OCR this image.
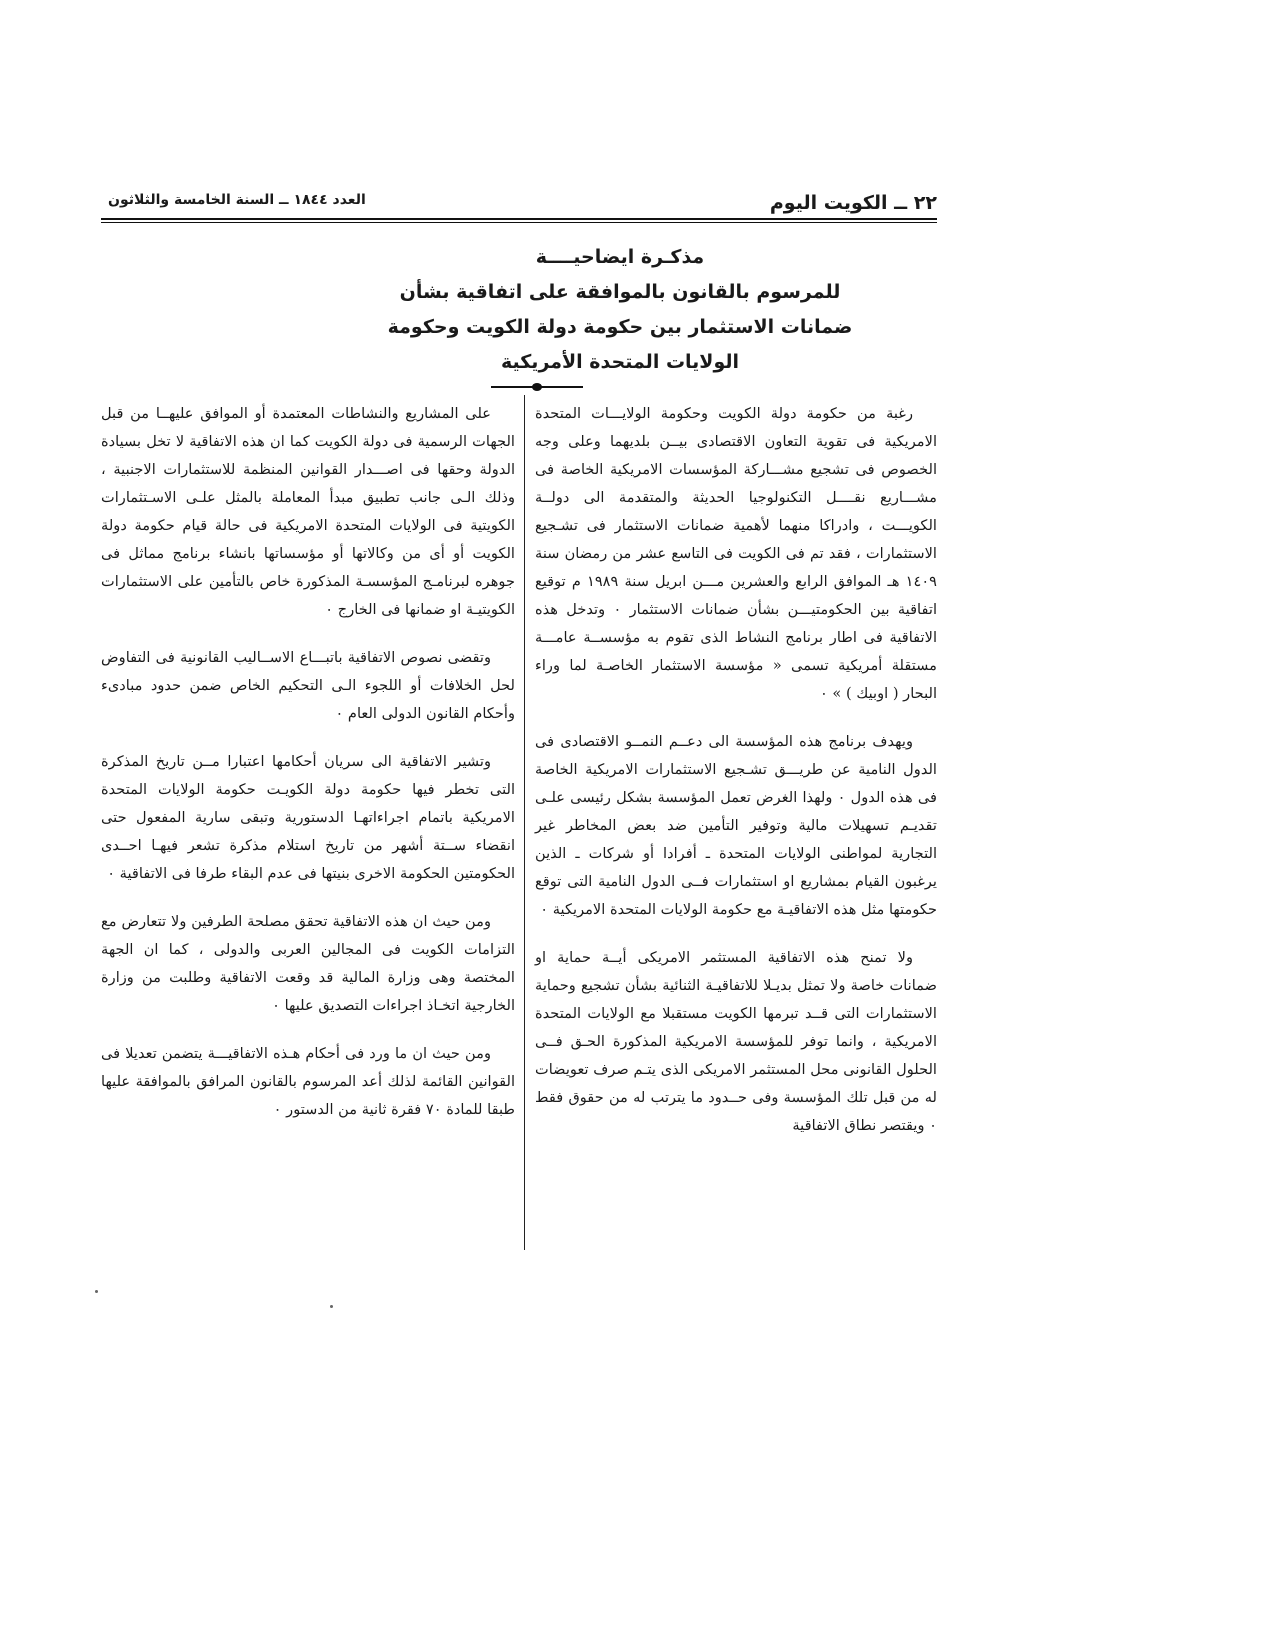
٢٢ ــ الكويت اليوم
العدد ١٨٤٤ ــ السنة الخامسة والثلاثون
مذكـرة ايضاحيــــة
للمرسوم بالقانون بالموافقة على اتفاقية بشأن
ضمانات الاستثمار بين حكومة دولة الكويت وحكومة
الولايات المتحدة الأمريكية

رغبة من حكومة دولة الكويت وحكومة الولايـــات المتحدة الامريكية فى تقوية التعاون الاقتصادى بيــن بلديهما وعلى وجه الخصوص فى تشجيع مشـــاركة المؤسسات الامريكية الخاصة فى مشـــاريع نقــــل التكنولوجيا الحديثة والمتقدمة الى دولــة الكويـــت ، وادراكا منهما لأهمية ضمانات الاستثمار فى تشـجيع الاستثمارات ، فقد تم فى الكويت فى التاسع عشر من رمضان سنة ١٤٠٩ هـ الموافق الرابع والعشرين مـــن ابريل سنة ١٩٨٩ م توقيع اتفاقية بين الحكومتيـــن بشأن ضمانات الاستثمار ٠ وتدخل هذه الاتفاقية فى اطار برنامج النشاط الذى تقوم به مؤسســة عامـــة مستقلة أمريكية تسمى « مؤسسة الاستثمار الخاصـة لما وراء البحار ( اوبيك ) » ٠

ويهدف برنامج هذه المؤسسة الى دعــم النمــو الاقتصادى فى الدول النامية عن طريـــق تشـجيع الاستثمارات الامريكية الخاصة فى هذه الدول ٠ ولهذا الغرض تعمل المؤسسة بشكل رئيسى علـى تقديـم تسهيلات مالية وتوفير التأمين ضد بعض المخاطر غير التجارية لمواطنى الولايات المتحدة ـ أفرادا أو شركات ـ الذين يرغبون القيام بمشاريع او استثمارات فــى الدول النامية التى توقع حكومتها مثل هذه الاتفاقيـة مع حكومة الولايات المتحدة الامريكية ٠

ولا تمنح هذه الاتفاقية المستثمر الامريكى أيــة حماية او ضمانات خاصة ولا تمثل بديـلا للاتفاقيـة الثنائية بشأن تشجيع وحماية الاستثمارات التى قــد تبرمها الكويت مستقبلا مع الولايات المتحدة الامريكية ، وانما توفر للمؤسسة الامريكية المذكورة الحـق فــى الحلول القانونى محل المستثمر الامريكى الذى يتـم صرف تعويضات له من قبل تلك المؤسسة وفى حــدود ما يترتب له من حقوق فقط ٠ ويقتصر نطاق الاتفاقية

على المشاريع والنشاطات المعتمدة أو الموافق عليهــا من قبل الجهات الرسمية فى دولة الكويت كما ان هذه الاتفاقية لا تخل بسيادة الدولة وحقها فى اصـــدار القوانين المنظمة للاستثمارات الاجنبية ، وذلك الـى جانب تطبيق مبدأ المعاملة بالمثل علـى الاسـتثمارات الكويتية فى الولايات المتحدة الامريكية فى حالة قيام حكومة دولة الكويت أو أى من وكالاتها أو مؤسساتها بانشاء برنامج مماثل فى جوهره لبرنامـج المؤسسـة المذكورة خاص بالتأمين على الاستثمارات الكويتيـة او ضمانها فى الخارج ٠

وتقضى نصوص الاتفاقية باتبـــاع الاســاليب القانونية فى التفاوض لحل الخلافات أو اللجوء الـى التحكيم الخاص ضمن حدود مبادىء وأحكام القانون الدولى العام ٠

وتشير الاتفاقية الى سريان أحكامها اعتبارا مــن تاريخ المذكرة التى تخطر فيها حكومة دولة الكويـت حكومة الولايات المتحدة الامريكية باتمام اجراءاتهـا الدستورية وتبقى سارية المفعول حتى انقضاء ســتة أشهر من تاريخ استلام مذكرة تشعر فيهـا احــدى الحكومتين الحكومة الاخرى بنيتها فى عدم البقاء طرفا فى الاتفاقية ٠

ومن حيث ان هذه الاتفاقية تحقق مصلحة الطرفين ولا تتعارض مع التزامات الكويت فى المجالين العربى والدولى ، كما ان الجهة المختصة وهى وزارة المالية قد وقعت الاتفاقية وطلبت من وزارة الخارجية اتخـاذ اجراءات التصديق عليها ٠

ومن حيث ان ما ورد فى أحكام هـذه الاتفاقيـــة يتضمن تعديلا فى القوانين القائمة لذلك أعد المرسوم بالقانون المرافق بالموافقة عليها طبقا للمادة ٧٠ فقرة ثانية من الدستور ٠
